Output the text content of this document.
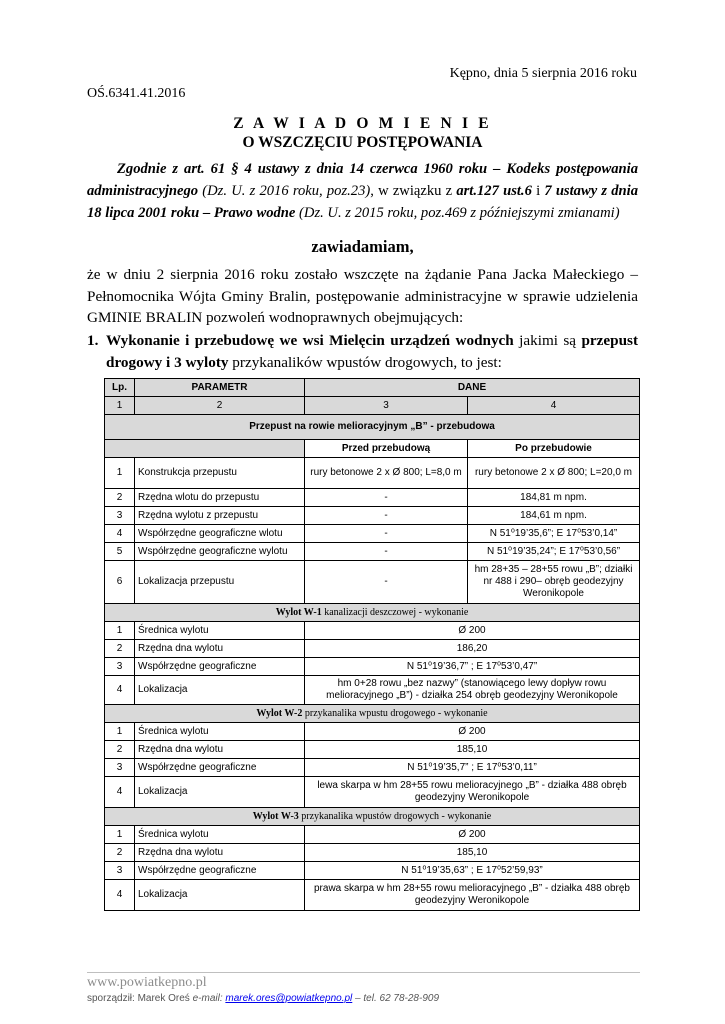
Kępno, dnia 5 sierpnia 2016 roku
OŚ.6341.41.2016
Z A W I A D O M I E N I E
O WSZCZĘCIU POSTĘPOWANIA
Zgodnie z art. 61 § 4 ustawy z dnia 14 czerwca 1960 roku – Kodeks postępowania administracyjnego (Dz. U. z 2016 roku, poz.23), w związku z art.127 ust.6 i 7 ustawy z dnia 18 lipca 2001 roku – Prawo wodne (Dz. U. z 2015 roku, poz.469 z późniejszymi zmianami)
zawiadamiam,
że w dniu 2 sierpnia 2016 roku zostało wszczęte na żądanie Pana Jacka Małeckiego – Pełnomocnika Wójta Gminy Bralin, postępowanie administracyjne w sprawie udzielenia GMINIE BRALIN pozwoleń wodnoprawnych obejmujących:
1. Wykonanie i przebudowę we wsi Mielęcin urządzeń wodnych jakimi są przepust drogowy i 3 wyloty przykanalików wpustów drogowych, to jest:
Lp.	PARAMETR	DANE	
1	2	3	4
Przepust na rowie melioracyjnym „B” - przebudowa			
		Przed przebudową	Po przebudowie
1	Konstrukcja przepustu	rury betonowe 2 x Ø 800; L=8,0 m	rury betonowe 2 x Ø 800; L=20,0 m
2	Rzędna wlotu do przepustu	-	184,81 m npm.
3	Rzędna wylotu z przepustu	-	184,61 m npm.
4	Współrzędne geograficzne wlotu	-	N 51⁰19’35,6”; E 17⁰53’0,14”
5	Współrzędne geograficzne wylotu	-	N 51⁰19’35,24”; E 17⁰53’0,56”
6	Lokalizacja przepustu	-	hm 28+35 – 28+55 rowu „B”; działki nr 488 i 290– obręb geodezyjny Weronikopole
Wylot W-1 kanalizacji deszczowej - wykonanie			
1	Średnica wylotu	Ø 200	
2	Rzędna dna wylotu	186,20	
3	Współrzędne geograficzne	N 51⁰19’36,7” ; E 17⁰53’0,47”	
4	Lokalizacja	hm 0+28 rowu „bez nazwy” (stanowiącego lewy dopływ rowu melioracyjnego „B”) - działka 254 obręb geodezyjny Weronikopole	
Wylot W-2 przykanalika wpustu drogowego - wykonanie			
1	Średnica wylotu	Ø 200	
2	Rzędna dna wylotu	185,10	
3	Współrzędne geograficzne	N 51⁰19’35,7” ; E 17⁰53’0,11”	
4	Lokalizacja	lewa skarpa w hm 28+55 rowu melioracyjnego „B” - działka 488 obręb geodezyjny Weronikopole	
Wylot W-3 przykanalika wpustów drogowych - wykonanie			
1	Średnica wylotu	Ø 200	
2	Rzędna dna wylotu	185,10	
3	Współrzędne geograficzne	N 51⁰19’35,63” ; E 17⁰52’59,93”	
4	Lokalizacja	prawa skarpa w hm 28+55 rowu melioracyjnego „B” - działka 488 obręb geodezyjny Weronikopole	
www.powiatkepno.pl
sporządził: Marek Oreś e-mail: marek.ores@powiatkepno.pl – tel. 62 78-28-909
